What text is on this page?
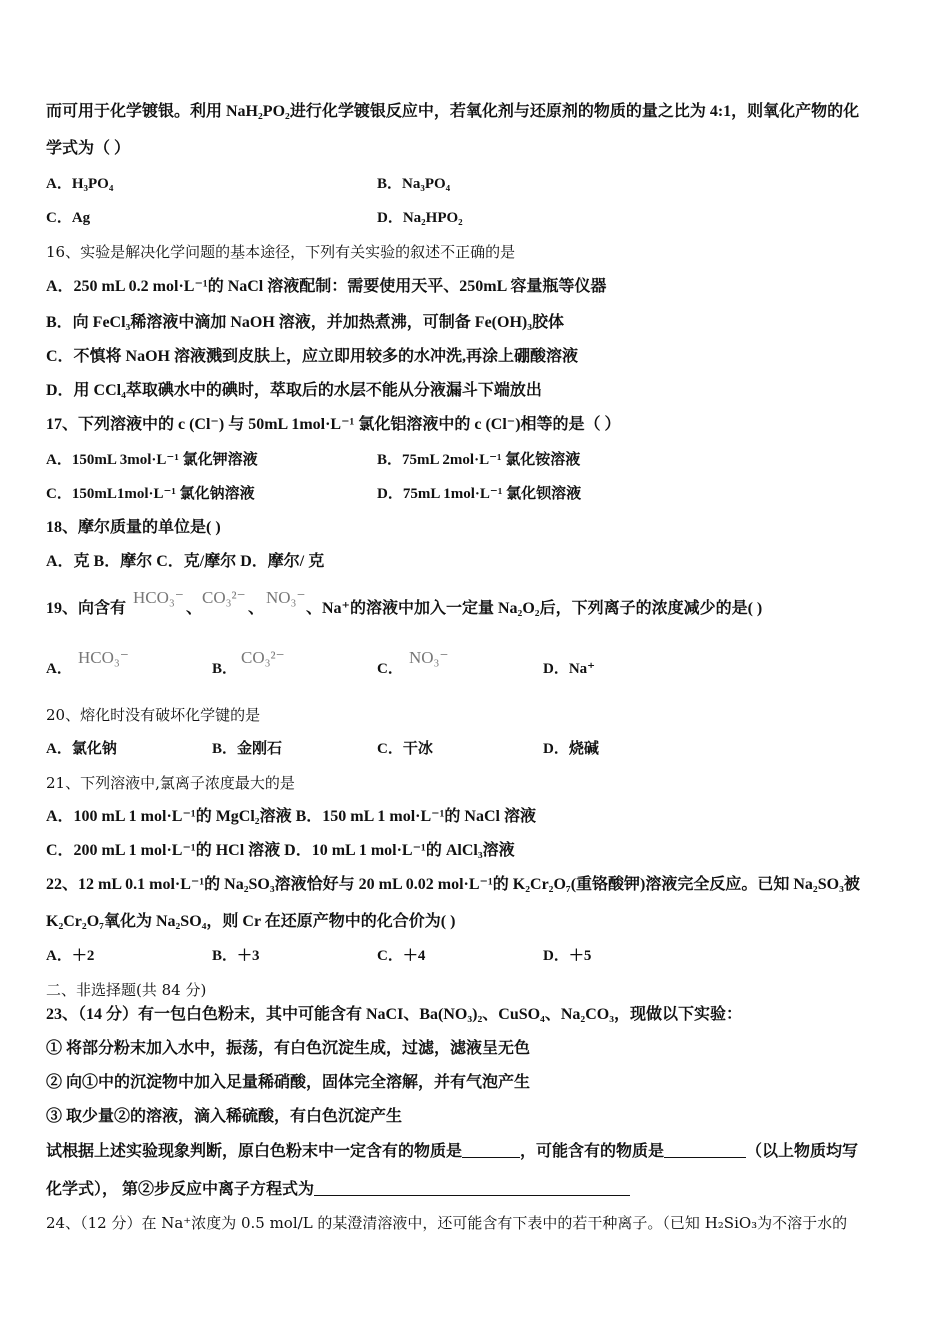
而可用于化学镀银。利用 NaH₂PO₂进行化学镀银反应中，若氧化剂与还原剂的物质的量之比为 4:1，则氧化产物的化
学式为（ ）
A．H₃PO₄	B．Na₃PO₄
C．Ag	D．Na₂HPO₂
16、实验是解决化学问题的基本途径，下列有关实验的叙述不正确的是
A．250 mL 0.2 mol·L⁻¹的 NaCl 溶液配制：需要使用天平、250mL 容量瓶等仪器
B．向 FeCl₃稀溶液中滴加 NaOH 溶液，并加热煮沸，可制备 Fe(OH)₃胶体
C．不慎将 NaOH 溶液溅到皮肤上，应立即用较多的水冲洗,再涂上硼酸溶液
D．用 CCl₄萃取碘水中的碘时，萃取后的水层不能从分液漏斗下端放出
17、下列溶液中的 c (Cl⁻) 与 50mL 1mol·L⁻¹ 氯化铝溶液中的 c (Cl⁻)相等的是（ ）
A．150mL 3mol·L⁻¹ 氯化钾溶液	B．75mL 2mol·L⁻¹ 氯化铵溶液
C．150mL1mol·L⁻¹ 氯化钠溶液	D．75mL 1mol·L⁻¹ 氯化钡溶液
18、摩尔质量的单位是( )
A．克 B．摩尔 C．克/摩尔 D．摩尔/ 克
19、向含有
HCO₃⁻
、
CO₃²⁻
、
NO₃⁻
、Na⁺的溶液中加入一定量 Na₂O₂后，下列离子的浓度减少的是( )
A．
HCO₃⁻
B．
CO₃²⁻
C．
NO₃⁻
D．Na⁺
20、熔化时没有破坏化学键的是
A．氯化钠	B．金刚石	C．干冰	D．烧碱
21、下列溶液中,氯离子浓度最大的是
A．100 mL 1 mol·L⁻¹的 MgCl₂溶液 B．150 mL 1 mol·L⁻¹的 NaCl 溶液
C．200 mL 1 mol·L⁻¹的 HCl 溶液 D．10 mL 1 mol·L⁻¹的 AlCl₃溶液
22、12 mL 0.1 mol·L⁻¹的 Na₂SO₃溶液恰好与 20 mL 0.02 mol·L⁻¹的 K₂Cr₂O₇(重铬酸钾)溶液完全反应。已知 Na₂SO₃被
K₂Cr₂O₇氧化为 Na₂SO₄，则 Cr 在还原产物中的化合价为( )
A．＋2	B．＋3	C．＋4	D．＋5
二、非选择题(共 84 分)
23、（14 分）有一包白色粉末，其中可能含有 NaCI、Ba(NO₃)₂、CuSO₄、Na₂CO₃，现做以下实验：
① 将部分粉末加入水中，振荡，有白色沉淀生成，过滤，滤液呈无色
② 向①中的沉淀物中加入足量稀硝酸，固体完全溶解，并有气泡产生
③ 取少量②的溶液，滴入稀硫酸，有白色沉淀产生
试根据上述实验现象判断，原白色粉末中一定含有的物质是	，可能含有的物质是	（以上物质均写
化学式）， 第②步反应中离子方程式为
24、（12 分）在 Na⁺浓度为 0.5 mol/L 的某澄清溶液中，还可能含有下表中的若干种离子。（已知 H₂SiO₃为不溶于水的
